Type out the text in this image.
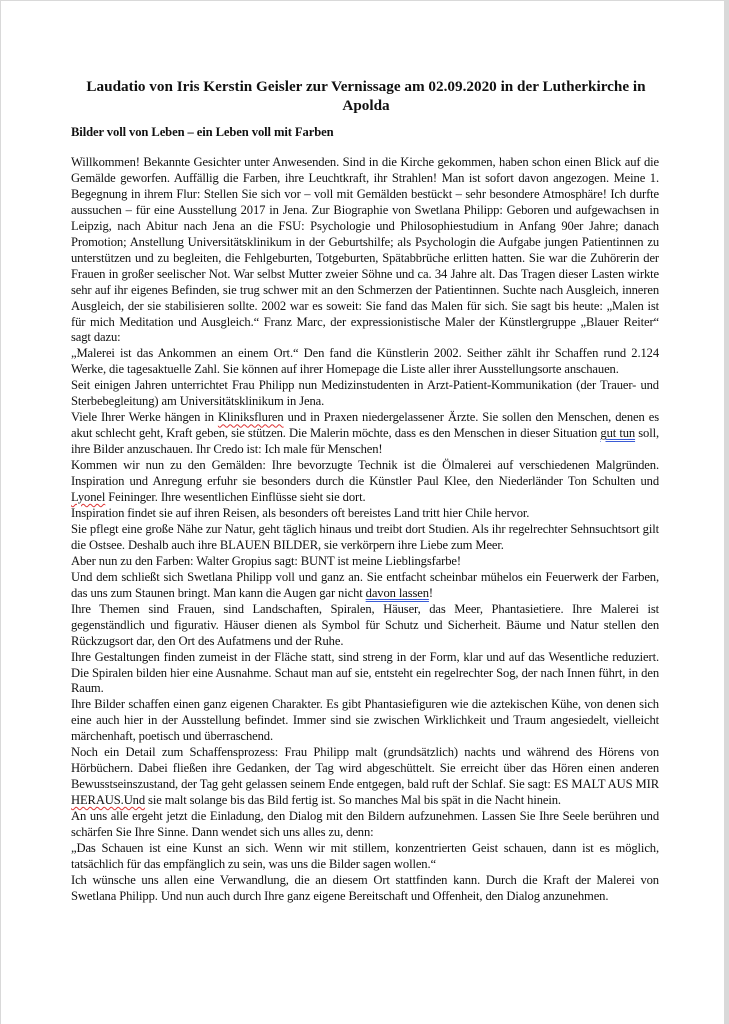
Laudatio von Iris Kerstin Geisler zur Vernissage am 02.09.2020 in der Lutherkirche in Apolda
Bilder voll von Leben – ein Leben voll mit Farben

Willkommen! Bekannte Gesichter unter Anwesenden. Sind in die Kirche gekommen, haben schon einen Blick auf die Gemälde geworfen. Auffällig die Farben, ihre Leuchtkraft, ihr Strahlen! Man ist sofort davon angezogen. Meine 1. Begegnung in ihrem Flur: Stellen Sie sich vor – voll mit Gemälden bestückt – sehr besondere Atmosphäre! Ich durfte aussuchen – für eine Ausstellung 2017 in Jena. Zur Biographie von Swetlana Philipp: Geboren und aufgewachsen in Leipzig, nach Abitur nach Jena an die FSU: Psychologie und Philosophiestudium in Anfang 90er Jahre; danach Promotion; Anstellung Universitätsklinikum in der Geburtshilfe; als Psychologin die Aufgabe jungen Patientinnen zu unterstützen und zu begleiten, die Fehlgeburten, Totgeburten, Spätabbrüche erlitten hatten. Sie war die Zuhörerin der Frauen in großer seelischer Not. War selbst Mutter zweier Söhne und ca. 34 Jahre alt. Das Tragen dieser Lasten wirkte sehr auf ihr eigenes Befinden, sie trug schwer mit an den Schmerzen der Patientinnen. Suchte nach Ausgleich, inneren Ausgleich, der sie stabilisieren sollte. 2002 war es soweit: Sie fand das Malen für sich. Sie sagt bis heute: „Malen ist für mich Meditation und Ausgleich.“ Franz Marc, der expressionistische Maler der Künstlergruppe „Blauer Reiter“ sagt dazu:

„Malerei ist das Ankommen an einem Ort.“ Den fand die Künstlerin 2002. Seither zählt ihr Schaffen rund 2.124 Werke, die tagesaktuelle Zahl. Sie können auf ihrer Homepage die Liste aller ihrer Ausstellungsorte anschauen.

Seit einigen Jahren unterrichtet Frau Philipp nun Medizinstudenten in Arzt-Patient-Kommunikation (der Trauer- und Sterbebegleitung) am Universitätsklinikum in Jena.

Viele Ihrer Werke hängen in Kliniksfluren und in Praxen niedergelassener Ärzte. Sie sollen den Menschen, denen es akut schlecht geht, Kraft geben, sie stützen. Die Malerin möchte, dass es den Menschen in dieser Situation gut tun soll, ihre Bilder anzuschauen. Ihr Credo ist: Ich male für Menschen!

Kommen wir nun zu den Gemälden: Ihre bevorzugte Technik ist die Ölmalerei auf verschiedenen Malgründen. Inspiration und Anregung erfuhr sie besonders durch die Künstler Paul Klee, den Niederländer Ton Schulten und Lyonel Feininger. Ihre wesentlichen Einflüsse sieht sie dort.

Inspiration findet sie auf ihren Reisen, als besonders oft bereistes Land tritt hier Chile hervor.

Sie pflegt eine große Nähe zur Natur, geht täglich hinaus und treibt dort Studien. Als ihr regelrechter Sehnsuchtsort gilt die Ostsee. Deshalb auch ihre BLAUEN BILDER, sie verkörpern ihre Liebe zum Meer.

Aber nun zu den Farben: Walter Gropius sagt: BUNT ist meine Lieblingsfarbe!

Und dem schließt sich Swetlana Philipp voll und ganz an. Sie entfacht scheinbar mühelos ein Feuerwerk der Farben, das uns zum Staunen bringt. Man kann die Augen gar nicht davon lassen!

Ihre Themen sind Frauen, sind Landschaften, Spiralen, Häuser, das Meer, Phantasietiere. Ihre Malerei ist gegenständlich und figurativ. Häuser dienen als Symbol für Schutz und Sicherheit. Bäume und Natur stellen den Rückzugsort dar, den Ort des Aufatmens und der Ruhe.

Ihre Gestaltungen finden zumeist in der Fläche statt, sind streng in der Form, klar und auf das Wesentliche reduziert. Die Spiralen bilden hier eine Ausnahme. Schaut man auf sie, entsteht ein regelrechter Sog, der nach Innen führt, in den Raum.

Ihre Bilder schaffen einen ganz eigenen Charakter. Es gibt Phantasiefiguren wie die aztekischen Kühe, von denen sich eine auch hier in der Ausstellung befindet. Immer sind sie zwischen Wirklichkeit und Traum angesiedelt, vielleicht märchenhaft, poetisch und überraschend.

Noch ein Detail zum Schaffensprozess: Frau Philipp malt (grundsätzlich) nachts und während des Hörens von Hörbüchern. Dabei fließen ihre Gedanken, der Tag wird abgeschüttelt. Sie erreicht über das Hören einen anderen Bewusstseinszustand, der Tag geht gelassen seinem Ende entgegen, bald ruft der Schlaf. Sie sagt: ES MALT AUS MIR HERAUS.Und sie malt solange bis das Bild fertig ist. So manches Mal bis spät in die Nacht hinein.

An uns alle ergeht jetzt die Einladung, den Dialog mit den Bildern aufzunehmen. Lassen Sie Ihre Seele berühren und schärfen Sie Ihre Sinne. Dann wendet sich uns alles zu, denn:

„Das Schauen ist eine Kunst an sich. Wenn wir mit stillem, konzentrierten Geist schauen, dann ist es möglich, tatsächlich für das empfänglich zu sein, was uns die Bilder sagen wollen.“

Ich wünsche uns allen eine Verwandlung, die an diesem Ort stattfinden kann. Durch die Kraft der Malerei von Swetlana Philipp. Und nun auch durch Ihre ganz eigene Bereitschaft und Offenheit, den Dialog anzunehmen.
